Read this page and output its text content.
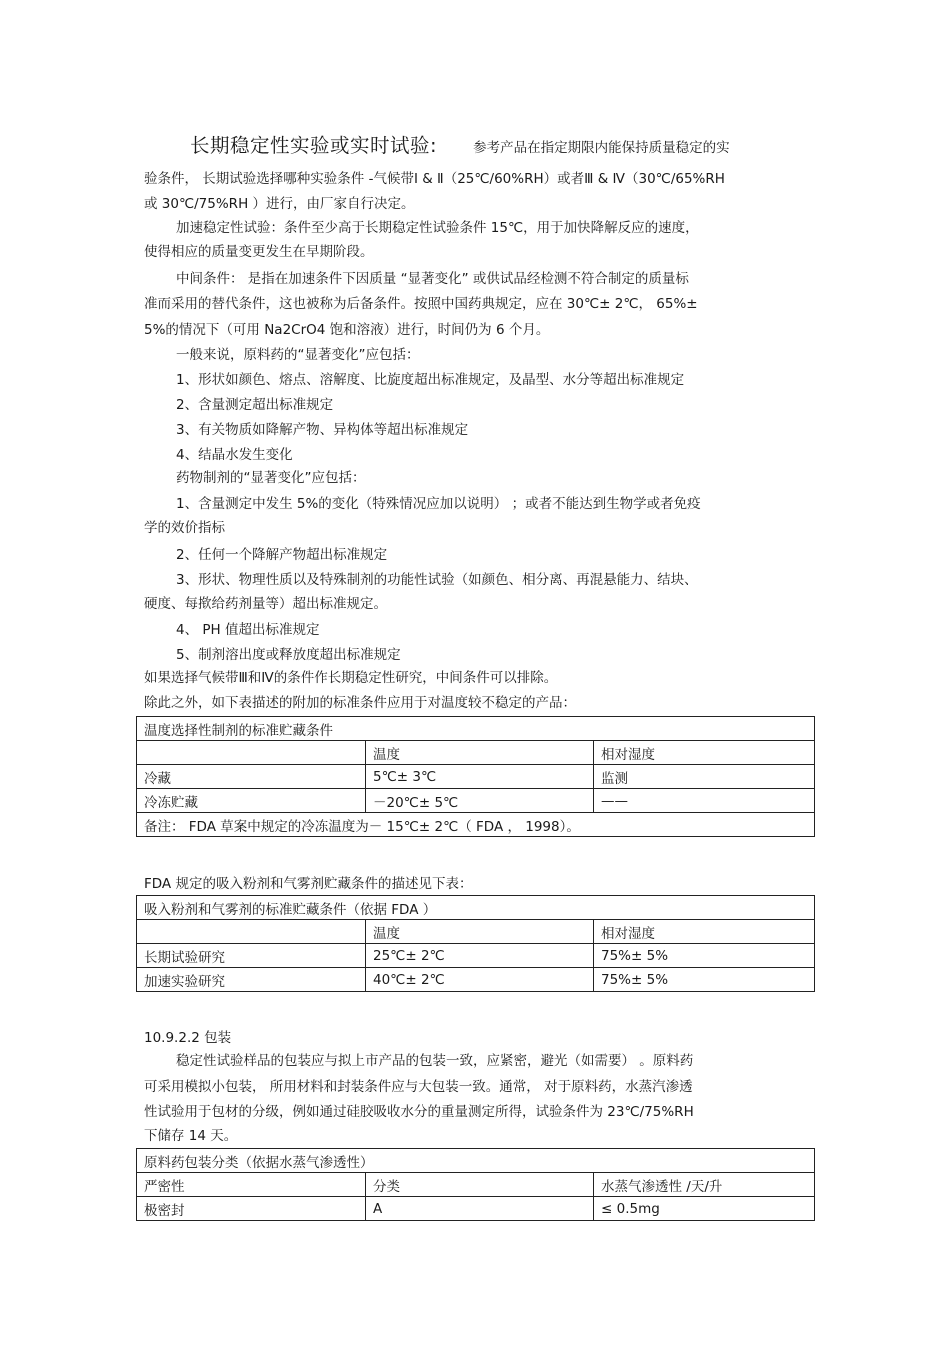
长期稳定性实验或实时试验:	参考产品在指定期限内能保持质量稳定的实
验条件， 长期试验选择哪种实验条件 -气候带Ⅰ & Ⅱ（25℃/60%RH）或者Ⅲ & Ⅳ（30℃/65%RH
或 30℃/75%RH ）进行，由厂家自行决定。
加速稳定性试验：条件至少高于长期稳定性试验条件 15℃，用于加快降解反应的速度，
使得相应的质量变更发生在早期阶段。
中间条件： 是指在加速条件下因质量 “显著变化” 或供试品经检测不符合制定的质量标
准而采用的替代条件，这也被称为后备条件。按照中国药典规定，应在 30℃± 2℃， 65%±
5%的情况下（可用 Na2CrO4 饱和溶液）进行，时间仍为 6 个月。
一般来说，原料药的“显著变化”应包括：
1、形状如颜色、熔点、溶解度、比旋度超出标准规定，及晶型、水分等超出标准规定
2、含量测定超出标准规定
3、有关物质如降解产物、异构体等超出标准规定
4、结晶水发生变化
药物制剂的“显著变化”应包括：
1、含量测定中发生 5%的变化（特殊情况应加以说明） ；或者不能达到生物学或者免疫
学的效价指标
2、任何一个降解产物超出标准规定
3、形状、物理性质以及特殊制剂的功能性试验（如颜色、相分离、再混悬能力、结块、
硬度、每揿给药剂量等）超出标准规定。
4、 PH 值超出标准规定
5、制剂溶出度或释放度超出标准规定
如果选择气候带Ⅲ和Ⅳ的条件作长期稳定性研究，中间条件可以排除。
除此之外，如下表描述的附加的标准条件应用于对温度较不稳定的产品：
温度选择性制剂的标准贮藏条件		
	温度	相对湿度
冷藏	5℃± 3℃	监测
冷冻贮藏	－20℃± 5℃	——
备注： FDA 草案中规定的冷冻温度为－ 15℃± 2℃（ FDA ， 1998）。		
FDA 规定的吸入粉剂和气雾剂贮藏条件的描述见下表：
吸入粉剂和气雾剂的标准贮藏条件（依据 FDA ）		
	温度	相对湿度
长期试验研究	25℃± 2℃	75%± 5%
加速实验研究	40℃± 2℃	75%± 5%
10.9.2.2 包装
稳定性试验样品的包装应与拟上市产品的包装一致，应紧密，避光（如需要） 。原料药
可采用模拟小包装， 所用材料和封装条件应与大包装一致。通常， 对于原料药，水蒸汽渗透
性试验用于包材的分级，例如通过硅胶吸收水分的重量测定所得，试验条件为 23℃/75%RH
下储存 14 天。
原料药包装分类（依据水蒸气渗透性）		
严密性	分类	水蒸气渗透性 /天/升
极密封	A	≤ 0.5mg
